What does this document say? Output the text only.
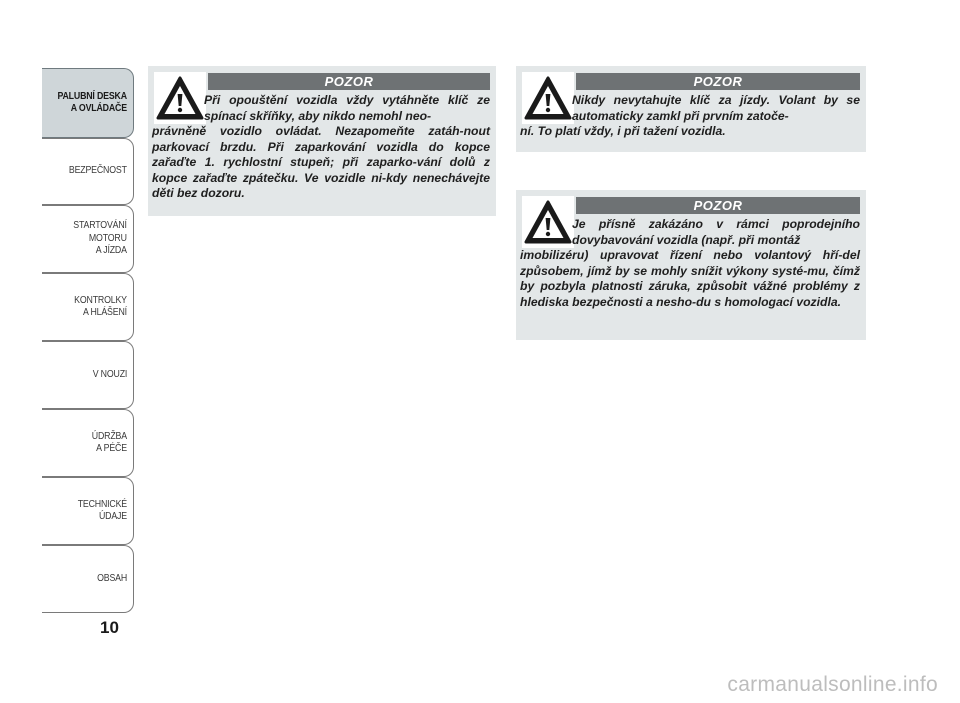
PALUBNÍ DESKA
A OVLÁDAČE
BEZPEČNOST
STARTOVÁNÍ
MOTORU
A JÍZDA
KONTROLKY
A HLÁŠENÍ
V NOUZI
ÚDRŽBA
A PÉČE
TECHNICKÉ
ÚDAJE
OBSAH
10
POZOR
Při opouštění vozidla vždy vytáhněte klíč ze spínací skříňky, aby nikdo nemohl neo-
právněně vozidlo ovládat. Nezapomeňte zatáh-nout parkovací brzdu. Při zaparkování vozidla do kopce zařaďte 1. rychlostní stupeň; při zaparko-vání dolů z kopce zařaďte zpátečku. Ve vozidle ni-kdy nenechávejte děti bez dozoru.
POZOR
Nikdy nevytahujte klíč za jízdy. Volant by se automaticky zamkl při prvním zatoče-
ní. To platí vždy, i při tažení vozidla.
POZOR
Je přísně zakázáno v rámci poprodejního dovybavování vozidla (např. při montáž
imobilizéru) upravovat řízení nebo volantový hří-del způsobem, jímž by se mohly snížit výkony systé-mu, čímž by pozbyla platnosti záruka, způsobit vážné problémy z hlediska bezpečnosti a nesho-du s homologací vozidla.
carmanualsonline.info
